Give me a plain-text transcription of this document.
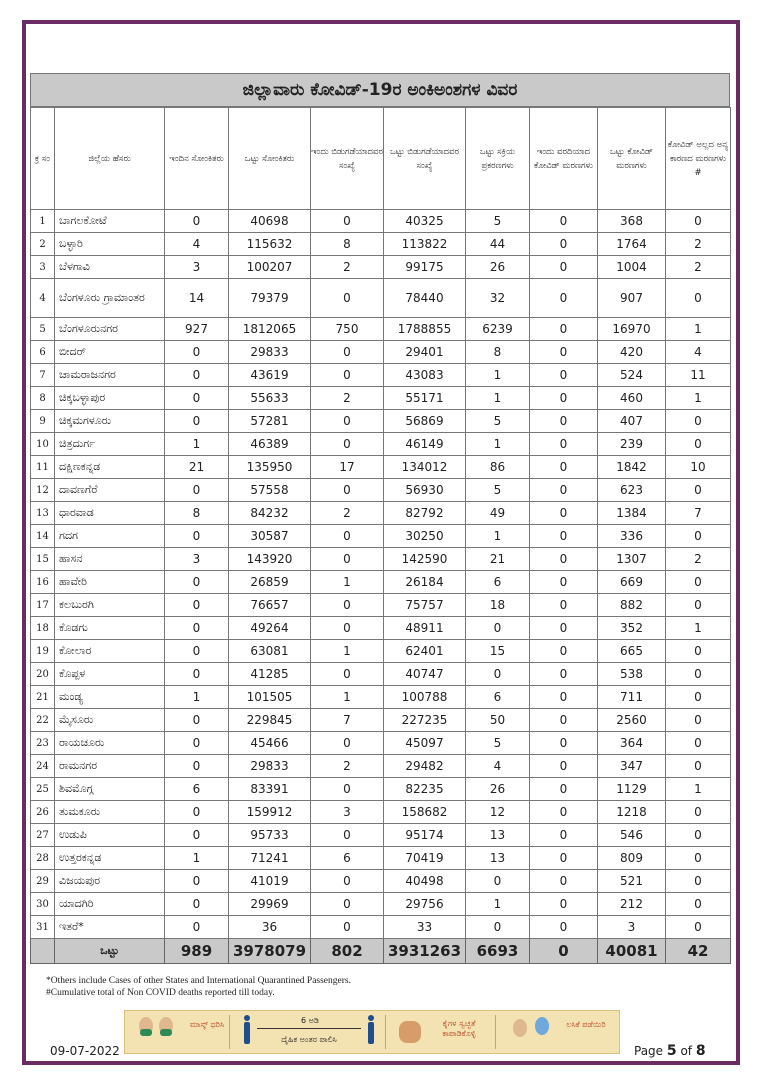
ಜಿಲ್ಲಾವಾರು ಕೋವಿಡ್-19ರ ಅಂಕಿಅಂಶಗಳ ವಿವರ
ಕ್ರ ಸಂ	ಜಿಲ್ಲೆಯ ಹೆಸರು	ಇಂದಿನ ಸೋಂಕಿತರು	ಒಟ್ಟು ಸೋಂಕಿತರು	ಇಂದು ಬಿಡುಗಡೆಯಾದವರ ಸಂಖ್ಯೆ	ಒಟ್ಟು ಬಿಡುಗಡೆಯಾದವರ ಸಂಖ್ಯೆ	ಒಟ್ಟು ಸಕ್ರಿಯ ಪ್ರಕರಣಗಳು	ಇಂದು ವರದಿಯಾದ ಕೋವಿಡ್ ಮರಣಗಳು	ಒಟ್ಟು ಕೋವಿಡ್ ಮರಣಗಳು	ಕೋವಿಡ್ ಅಲ್ಲದ ಅನ್ಯ ಕಾರಣದ ಮರಣಗಳು #
1	ಬಾಗಲಕೋಟೆ	0	40698	0	40325	5	0	368	0
2	ಬಳ್ಳಾರಿ	4	115632	8	113822	44	0	1764	2
3	ಬೆಳಗಾವಿ	3	100207	2	99175	26	0	1004	2
4	ಬೆಂಗಳೂರು ಗ್ರಾಮಾಂತರ	14	79379	0	78440	32	0	907	0
5	ಬೆಂಗಳೂರುನಗರ	927	1812065	750	1788855	6239	0	16970	1
6	ಬೀದರ್	0	29833	0	29401	8	0	420	4
7	ಚಾಮರಾಜನಗರ	0	43619	0	43083	1	0	524	11
8	ಚಿಕ್ಕಬಳ್ಳಾಪುರ	0	55633	2	55171	1	0	460	1
9	ಚಿಕ್ಕಮಗಳೂರು	0	57281	0	56869	5	0	407	0
10	ಚಿತ್ರದುರ್ಗ	1	46389	0	46149	1	0	239	0
11	ದಕ್ಷಿಣಕನ್ನಡ	21	135950	17	134012	86	0	1842	10
12	ದಾವಣಗೆರೆ	0	57558	0	56930	5	0	623	0
13	ಧಾರವಾಡ	8	84232	2	82792	49	0	1384	7
14	ಗದಗ	0	30587	0	30250	1	0	336	0
15	ಹಾಸನ	3	143920	0	142590	21	0	1307	2
16	ಹಾವೇರಿ	0	26859	1	26184	6	0	669	0
17	ಕಲಬುರಗಿ	0	76657	0	75757	18	0	882	0
18	ಕೊಡಗು	0	49264	0	48911	0	0	352	1
19	ಕೋಲಾರ	0	63081	1	62401	15	0	665	0
20	ಕೊಪ್ಪಳ	0	41285	0	40747	0	0	538	0
21	ಮಂಡ್ಯ	1	101505	1	100788	6	0	711	0
22	ಮೈಸೂರು	0	229845	7	227235	50	0	2560	0
23	ರಾಯಚೂರು	0	45466	0	45097	5	0	364	0
24	ರಾಮನಗರ	0	29833	2	29482	4	0	347	0
25	ಶಿವಮೊಗ್ಗ	6	83391	0	82235	26	0	1129	1
26	ತುಮಕೂರು	0	159912	3	158682	12	0	1218	0
27	ಉಡುಪಿ	0	95733	0	95174	13	0	546	0
28	ಉತ್ತರಕನ್ನಡ	1	71241	6	70419	13	0	809	0
29	ವಿಜಯಪುರ	0	41019	0	40498	0	0	521	0
30	ಯಾದಗಿರಿ	0	29969	0	29756	1	0	212	0
31	ಇತರೆ*	0	36	0	33	0	0	3	0
	ಒಟ್ಟು	989	3978079	802	3931263	6693	0	40081	42
*Others include Cases of other States and International Quarantined Passengers.
#Cumulative total of Non COVID deaths reported till today.
ಮಾಸ್ಕ್ ಧರಿಸಿ	6 ಅಡಿ
ದೈಹಿಕ ಅಂತರ ಪಾಲಿಸಿ
ಕೈಗಳ ಸ್ವಚ್ಛತೆ ಕಾಪಾಡಿಕೊಳ್ಳಿ
ಲಸಿಕೆ ಪಡೆಯಿರಿ
09-07-2022	Page 5 of 8
